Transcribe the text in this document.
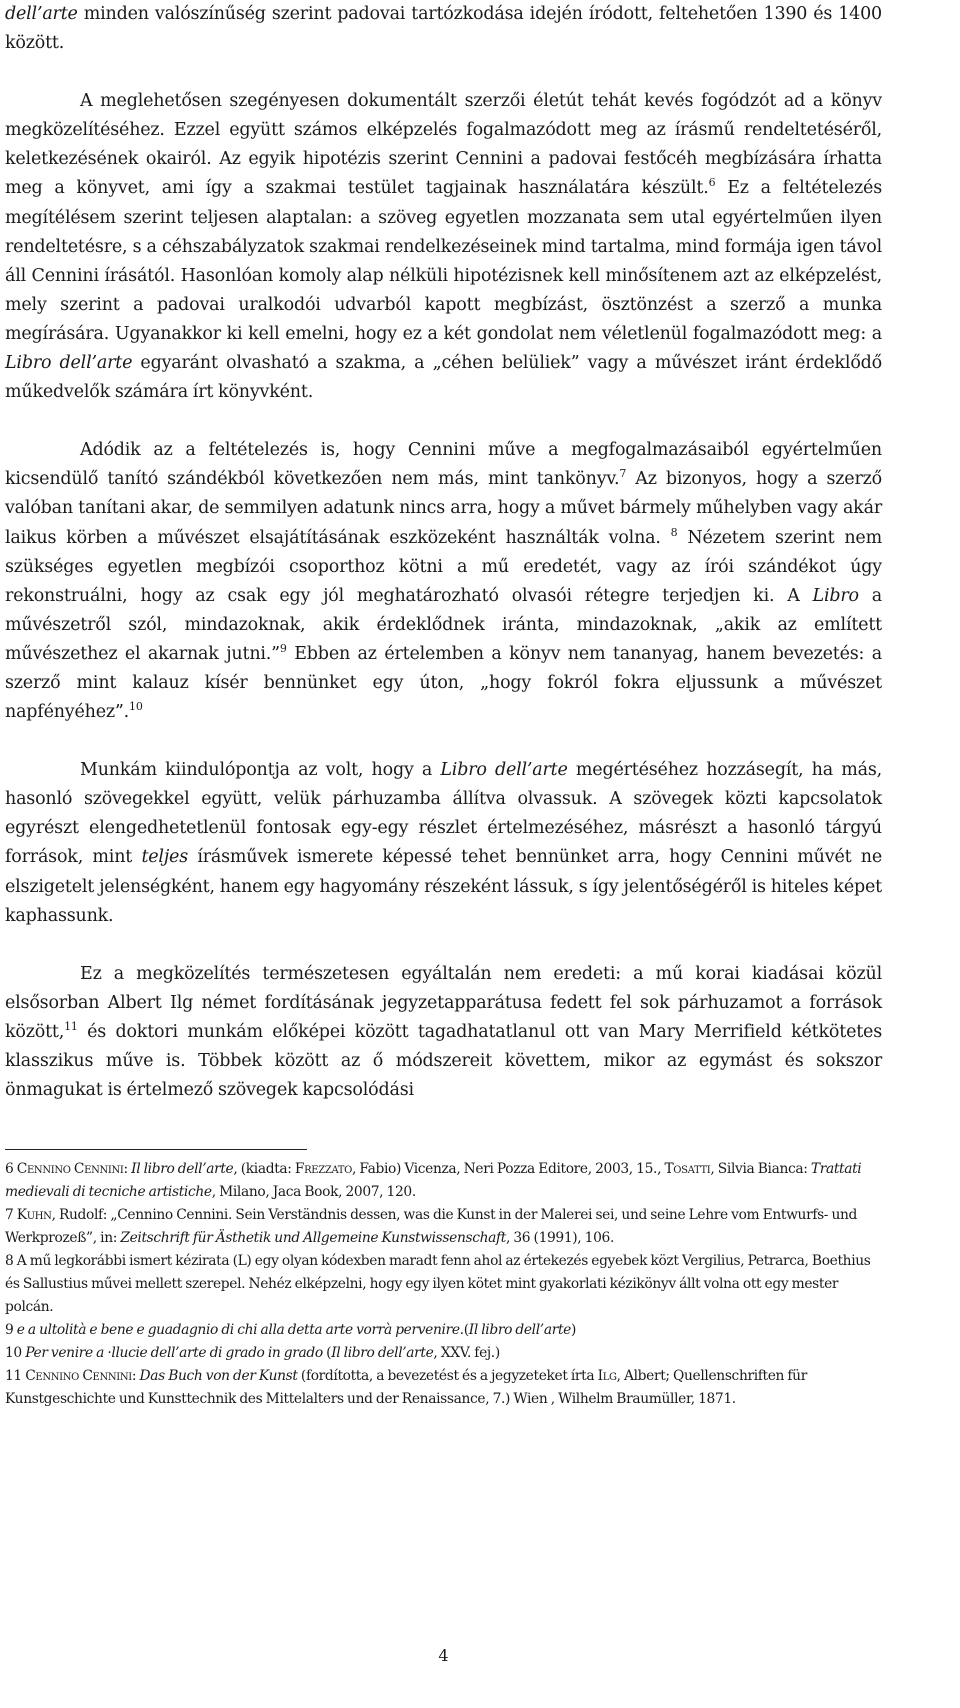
dell’arte minden valószínűség szerint padovai tartózkodása idején íródott, feltehetően 1390 és 1400 között.

A meglehetősen szegényesen dokumentált szerzői életút tehát kevés fogódzót ad a könyv megközelítéséhez. Ezzel együtt számos elképzelés fogalmazódott meg az írásmű rendeltetéséről, keletkezésének okairól. Az egyik hipotézis szerint Cennini a padovai festőcéh megbízására írhatta meg a könyvet, ami így a szakmai testület tagjainak használatára készült.$^6$ Ez a feltételezés megítélésem szerint teljesen alaptalan: a szöveg egyetlen mozzanata sem utal egyértelműen ilyen rendeltetésre, s a céhszabályzatok szakmai rendelkezéseinek mind tartalma, mind formája igen távol áll Cennini írásától. Hasonlóan komoly alap nélküli hipotézisnek kell minősítenem azt az elképzelést, mely szerint a padovai uralkodói udvarból kapott megbízást, ösztönzést a szerző a munka megírására. Ugyanakkor ki kell emelni, hogy ez a két gondolat nem véletlenül fogalmazódott meg: a Libro dell’arte egyaránt olvasható a szakma, a „céhen belüliek” vagy a művészet iránt érdeklődő műkedvelők számára írt könyvként.

Adódik az a feltételezés is, hogy Cennini műve a megfogalmazásaiból egyértelműen kicsendülő tanító szándékból következően nem más, mint tankönyv.$^7$ Az bizonyos, hogy a szerző valóban tanítani akar, de semmilyen adatunk nincs arra, hogy a művet bármely műhelyben vagy akár laikus körben a művészet elsajátításának eszközeként használták volna. $^8$ Nézetem szerint nem szükséges egyetlen megbízói csoporthoz kötni a mű eredetét, vagy az írói szándékot úgy rekonstruálni, hogy az csak egy jól meghatározható olvasói rétegre terjedjen ki. A Libro a művészetről szól, mindazoknak, akik érdeklődnek iránta, mindazoknak, „akik az említett művészethez el akarnak jutni.”$^9$ Ebben az értelemben a könyv nem tananyag, hanem bevezetés: a szerző mint kalauz kísér bennünket egy úton, „hogy fokról fokra eljussunk a művészet napfényéhez”.$^{10}$

Munkám kiindulópontja az volt, hogy a Libro dell’arte megértéséhez hozzásegít, ha más, hasonló szövegekkel együtt, velük párhuzamba állítva olvassuk. A szövegek közti kapcsolatok egyrészt elengedhetetlenül fontosak egy-egy részlet értelmezéséhez, másrészt a hasonló tárgyú források, mint teljes írásművek ismerete képessé tehet bennünket arra, hogy Cennini művét ne elszigetelt jelenségként, hanem egy hagyomány részeként lássuk, s így jelentőségéről is hiteles képet kaphassunk.

Ez a megközelítés természetesen egyáltalán nem eredeti: a mű korai kiadásai közül elsősorban Albert Ilg német fordításának jegyzetapparátusa fedett fel sok párhuzamot a források között,$^{11}$ és doktori munkám előképei között tagadhatatlanul ott van Mary Merrifield kétkötetes klasszikus műve is. Többek között az ő módszereit követtem, mikor az egymást és sokszor önmagukat is értelmező szövegek kapcsolódási

6 Cennino Cennini: Il libro dell’arte, (kiadta: Frezzato, Fabio) Vicenza, Neri Pozza Editore, 2003, 15., Tosatti, Silvia Bianca: Trattati medievali di tecniche artistiche, Milano, Jaca Book, 2007, 120.

7 Kuhn, Rudolf: „Cennino Cennini. Sein Verständnis dessen, was die Kunst in der Malerei sei, und seine Lehre vom Entwurfs- und Werkprozeß”, in: Zeitschrift für Ästhetik und Allgemeine Kunstwissenschaft, 36 (1991), 106.

8 A mű legkorábbi ismert kézirata (L) egy olyan kódexben maradt fenn ahol az értekezés egyebek közt Vergilius, Petrarca, Boethius és Sallustius művei mellett szerepel. Nehéz elképzelni, hogy egy ilyen kötet mint gyakorlati kézikönyv állt volna ott egy mester polcán.

9 e a ultolità e bene e guadagnio di chi alla detta arte vorrà pervenire.(Il libro dell’arte)

10 Per venire a ·llucie dell’arte di grado in grado (Il libro dell’arte, XXV. fej.)

11 Cennino Cennini: Das Buch von der Kunst (fordította, a bevezetést és a jegyzeteket írta Ilg, Albert; Quellenschriften für Kunstgeschichte und Kunsttechnik des Mittelalters und der Renaissance, 7.) Wien , Wilhelm Braumüller, 1871.

4
